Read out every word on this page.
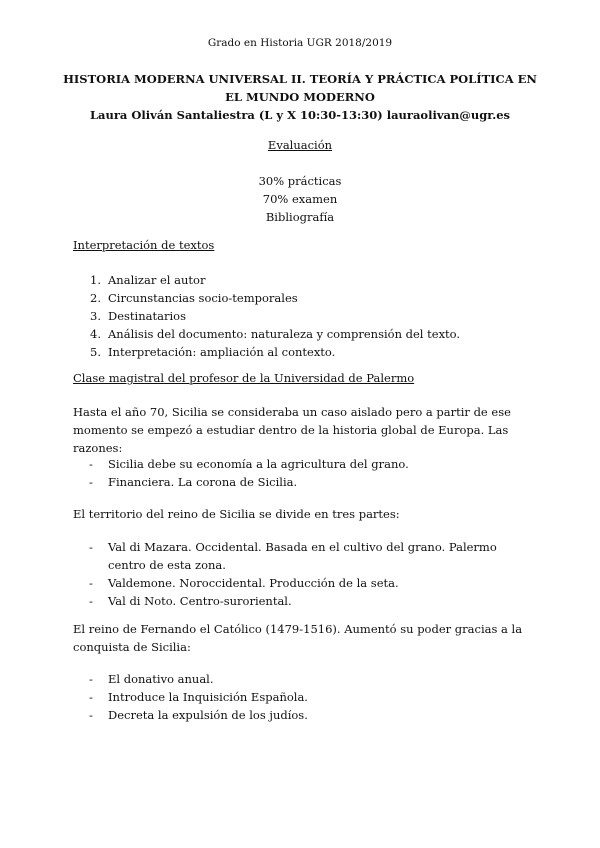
Grado en Historia UGR 2018/2019
HISTORIA MODERNA UNIVERSAL II. TEORÍA Y PRÁCTICA POLÍTICA EN EL MUNDO MODERNO
Laura Oliván Santaliestra (L y X 10:30-13:30) lauraolivan@ugr.es
Evaluación
30% prácticas
70% examen
Bibliografía
Interpretación de textos
1. Analizar el autor
2. Circunstancias socio-temporales
3. Destinatarios
4. Análisis del documento: naturaleza y comprensión del texto.
5. Interpretación: ampliación al contexto.
Clase magistral del profesor de la Universidad de Palermo
Hasta el año 70, Sicilia se consideraba un caso aislado pero a partir de ese momento se empezó a estudiar dentro de la historia global de Europa. Las razones:
- Sicilia debe su economía a la agricultura del grano.
- Financiera. La corona de Sicilia.
El territorio del reino de Sicilia se divide en tres partes:
- Val di Mazara. Occidental. Basada en el cultivo del grano. Palermo centro de esta zona.
- Valdemone. Noroccidental. Producción de la seta.
- Val di Noto. Centro-suroriental.
El reino de Fernando el Católico (1479-1516). Aumentó su poder gracias a la conquista de Sicilia:
- El donativo anual.
- Introduce la Inquisición Española.
- Decreta la expulsión de los judíos.
